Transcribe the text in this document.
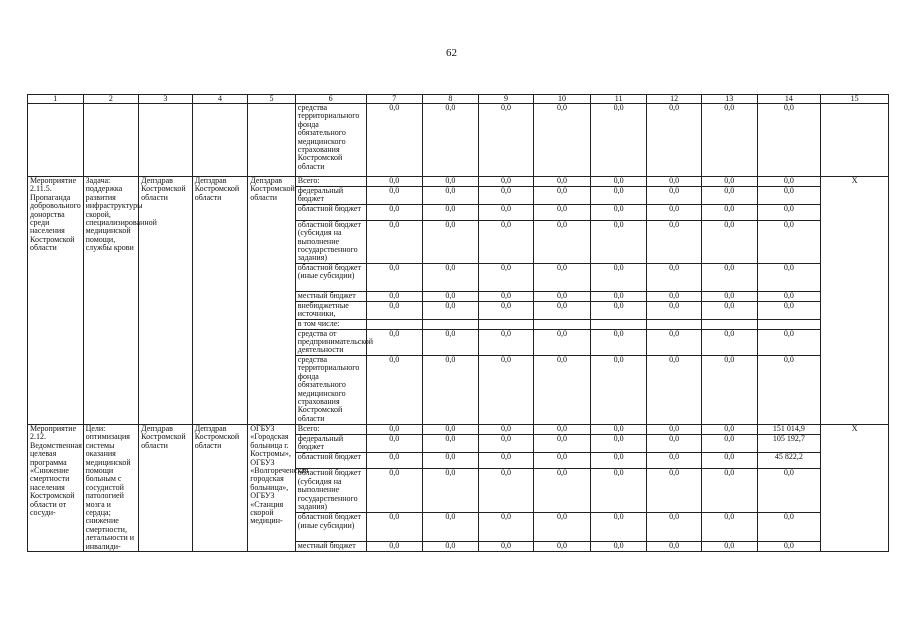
62
1	2	3	4	5	6	7	8	9	10	11	12	13	14	15
					средства территориального фонда обязательного медицинского страхования Костромской области	0,0	0,0	0,0	0,0	0,0	0,0	0,0	0,0	
Мероприятие 2.11.5. Пропаганда добровольного донорства среди населения Костромской области	Задача: поддержка развития инфраструктуры скорой, специализированной медицинской помощи, службы крови	Депздрав Костромской области	Депздрав Костромской области	Депздрав Костромской области	Всего:	0,0	0,0	0,0	0,0	0,0	0,0	0,0	0,0	Х
					федеральный бюджет	0,0	0,0	0,0	0,0	0,0	0,0	0,0	0,0	
					областной бюджет	0,0	0,0	0,0	0,0	0,0	0,0	0,0	0,0	
					областной бюджет (субсидия на выполнение государственного задания)	0,0	0,0	0,0	0,0	0,0	0,0	0,0	0,0	
					областной бюджет (иные субсидии)	0,0	0,0	0,0	0,0	0,0	0,0	0,0	0,0	
					местный бюджет	0,0	0,0	0,0	0,0	0,0	0,0	0,0	0,0	
					внебюджетные источники,	0,0	0,0	0,0	0,0	0,0	0,0	0,0	0,0	
					в том числе:									
					средства от предпринимательской деятельности	0,0	0,0	0,0	0,0	0,0	0,0	0,0	0,0	
					средства территориального фонда обязательного медицинского страхования Костромской области	0,0	0,0	0,0	0,0	0,0	0,0	0,0	0,0	
Мероприятие 2.12. Ведомственная целевая программа «Снижение смертности населения Костромской области от сосуди-	Цели: оптимизация системы оказания медицинской помощи больным с сосудистой патологией мозга и сердца; снижение смертности, летальности и инвалиди-	Депздрав Костромской области	Депздрав Костромской области	ОГБУЗ «Городская больница г. Костромы», ОГБУЗ «Волгореченская городская больница», ОГБУЗ «Станция скорой медицин-	Всего:	0,0	0,0	0,0	0,0	0,0	0,0	0,0	151 014,9	Х
					федеральный бюджет	0,0	0,0	0,0	0,0	0,0	0,0	0,0	105 192,7	
					областной бюджет	0,0	0,0	0,0	0,0	0,0	0,0	0,0	45 822,2	
					областной бюджет (субсидия на выполнение государственного задания)	0,0	0,0	0,0	0,0	0,0	0,0	0,0	0,0	
					областной бюджет (иные субсидии)	0,0	0,0	0,0	0,0	0,0	0,0	0,0	0,0	
					местный бюджет	0,0	0,0	0,0	0,0	0,0	0,0	0,0	0,0	
